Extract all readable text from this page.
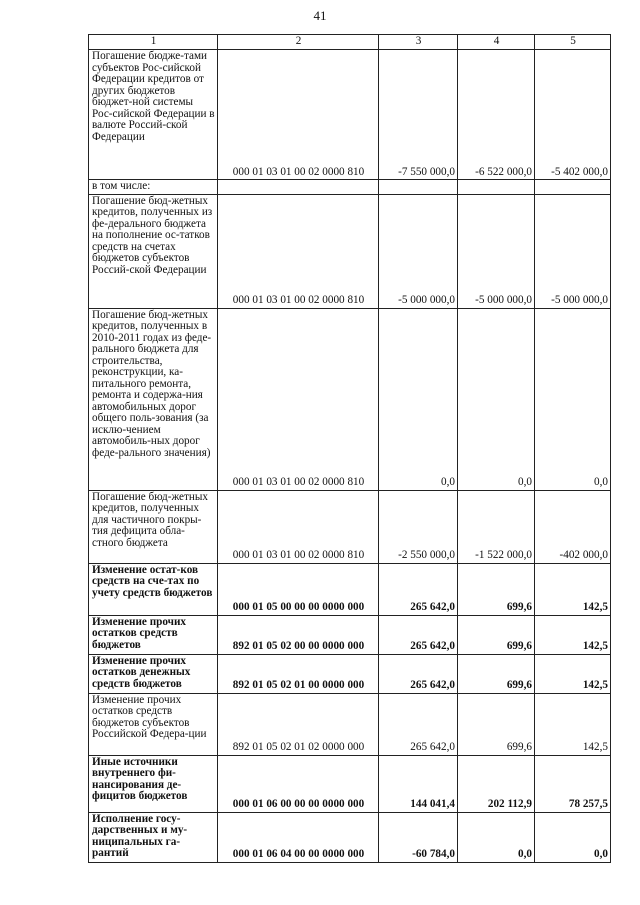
41
1	2	3	4	5
Погашение бюдже-тами субъектов Рос-сийской Федерации кредитов от других бюджетов бюджет-ной системы Рос-сийской Федерации в валюте Россий-ской Федерации	000 01 03 01 00 02 0000 810	-7 550 000,0	-6 522 000,0	-5 402 000,0
в том числе:				
Погашение бюд-жетных кредитов, полученных из фе-дерального бюджета на пополнение ос-татков средств на счетах бюджетов субъектов Россий-ской Федерации	000 01 03 01 00 02 0000 810	-5 000 000,0	-5 000 000,0	-5 000 000,0
Погашение бюд-жетных кредитов, полученных в 2010-2011 годах из феде-рального бюджета для строительства, реконструкции, ка-питального ремонта, ремонта и содержа-ния автомобильных дорог общего поль-зования (за исклю-чением автомобиль-ных дорог феде-рального значения)	000 01 03 01 00 02 0000 810	0,0	0,0	0,0
Погашение бюд-жетных кредитов, полученных для частичного покры-тия дефицита обла-стного бюджета	000 01 03 01 00 02 0000 810	-2 550 000,0	-1 522 000,0	-402 000,0
Изменение остат-ков средств на сче-тах по учету средств бюджетов	000 01 05 00 00 00 0000 000	265 642,0	699,6	142,5
Изменение прочих остатков средств бюджетов	892 01 05 02 00 00 0000 000	265 642,0	699,6	142,5
Изменение прочих остатков денежных средств бюджетов	892 01 05 02 01 00 0000 000	265 642,0	699,6	142,5
Изменение прочих остатков средств бюджетов субъектов Российской Федера-ции	892 01 05 02 01 02 0000 000	265 642,0	699,6	142,5
Иные источники внутреннего фи-нансирования де-фицитов бюджетов	000 01 06 00 00 00 0000 000	144 041,4	202 112,9	78 257,5
Исполнение госу-дарственных и му-ниципальных га-рантий	000 01 06 04 00 00 0000 000	-60 784,0	0,0	0,0
